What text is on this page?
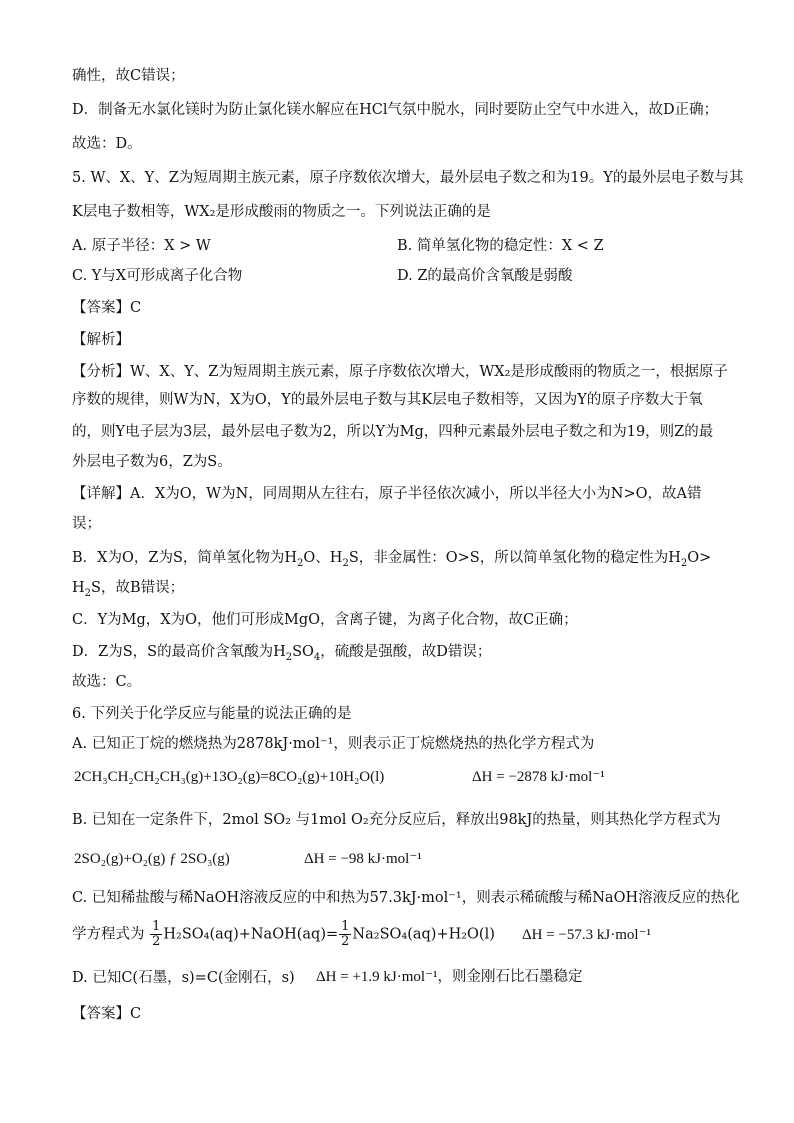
确性，故C错误；
D．制备无水氯化镁时为防止氯化镁水解应在HCl气氛中脱水，同时要防止空气中水进入，故D正确；
故选：D。
5. W、X、Y、Z为短周期主族元素，原子序数依次增大，最外层电子数之和为19。Y的最外层电子数与其
K层电子数相等，WX₂是形成酸雨的物质之一。下列说法正确的是
A. 原子半径：X > W	B. 简单氢化物的稳定性：X < Z
C. Y与X可形成离子化合物	D. Z的最高价含氧酸是弱酸
【答案】C
【解析】
【分析】W、X、Y、Z为短周期主族元素，原子序数依次增大，WX₂是形成酸雨的物质之一，根据原子
序数的规律，则W为N，X为O，Y的最外层电子数与其K层电子数相等，又因为Y的原子序数大于氧
的，则Y电子层为3层，最外层电子数为2，所以Y为Mg，四种元素最外层电子数之和为19，则Z的最
外层电子数为6，Z为S。
【详解】A．X为O，W为N，同周期从左往右，原子半径依次减小，所以半径大小为N>O，故A错
误；
B．X为O，Z为S，简单氢化物为$H_2O$、$H_2S$，非金属性：O>S，所以简单氢化物的稳定性为$H_2O>$
$H_2S$，故B错误；
C．Y为Mg，X为O，他们可形成MgO，含离子键，为离子化合物，故C正确；
D．Z为S，S的最高价含氧酸为$H_2SO_4$，硫酸是强酸，故D错误；
故选：C。
6. 下列关于化学反应与能量的说法正确的是
A. 已知正丁烷的燃烧热为2878kJ·mol⁻¹，则表示正丁烷燃烧热的热化学方程式为
2CH₃CH₂CH₂CH₃(g)+13O₂(g)=8CO₂(g)+10H₂O(l)	ΔH = −2878 kJ·mol⁻¹
B. 已知在一定条件下，2mol SO₂ 与1mol O₂充分反应后，释放出98kJ的热量，则其热化学方程式为
2SO₂(g)+O₂(g) ƒ 2SO₃(g)	ΔH = −98 kJ·mol⁻¹
C. 已知稀盐酸与稀NaOH溶液反应的中和热为57.3kJ·mol⁻¹，则表示稀硫酸与稀NaOH溶液反应的热化
学方程式为 $\frac{1}{2}$ H₂SO₄(aq)+NaOH(aq)= $\frac{1}{2} Na_2SO_4(aq)+H_2O(l) \Delta H = -57.3$ kJ·mol⁻¹
D. 已知C(石墨，s)=C(金刚石，s) ΔH = +1.9 kJ·mol⁻¹，则金刚石比石墨稳定
【答案】C
